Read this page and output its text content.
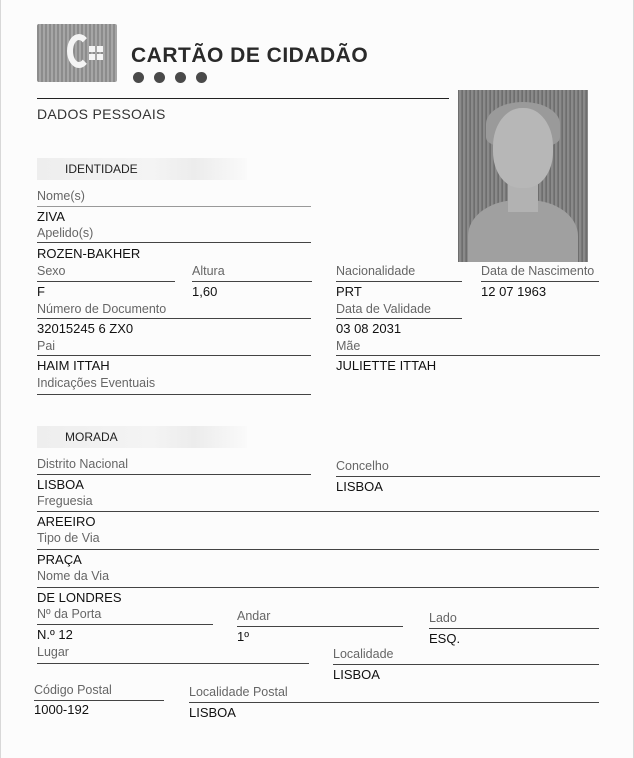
CARTÃO DE CIDADÃO
DADOS PESSOAIS
IDENTIDADE
Nome(s)
ZIVA
Apelido(s)
ROZEN-BAKHER
Sexo
F
Altura
1,60
Nacionalidade
PRT
Data de Nascimento
12 07 1963
Número de Documento
32015245 6 ZX0
Data de Validade
03 08 2031
Pai
HAIM ITTAH
Mãe
JULIETTE ITTAH
Indicações Eventuais
MORADA
Distrito Nacional
LISBOA
Concelho
LISBOA
Freguesia
AREEIRO
Tipo de Via
PRAÇA
Nome da Via
DE LONDRES
Nº da Porta
N.º 12
Andar
1º
Lado
ESQ.
Lugar	Localidade
LISBOA
Código Postal
1000-192
Localidade Postal
LISBOA
